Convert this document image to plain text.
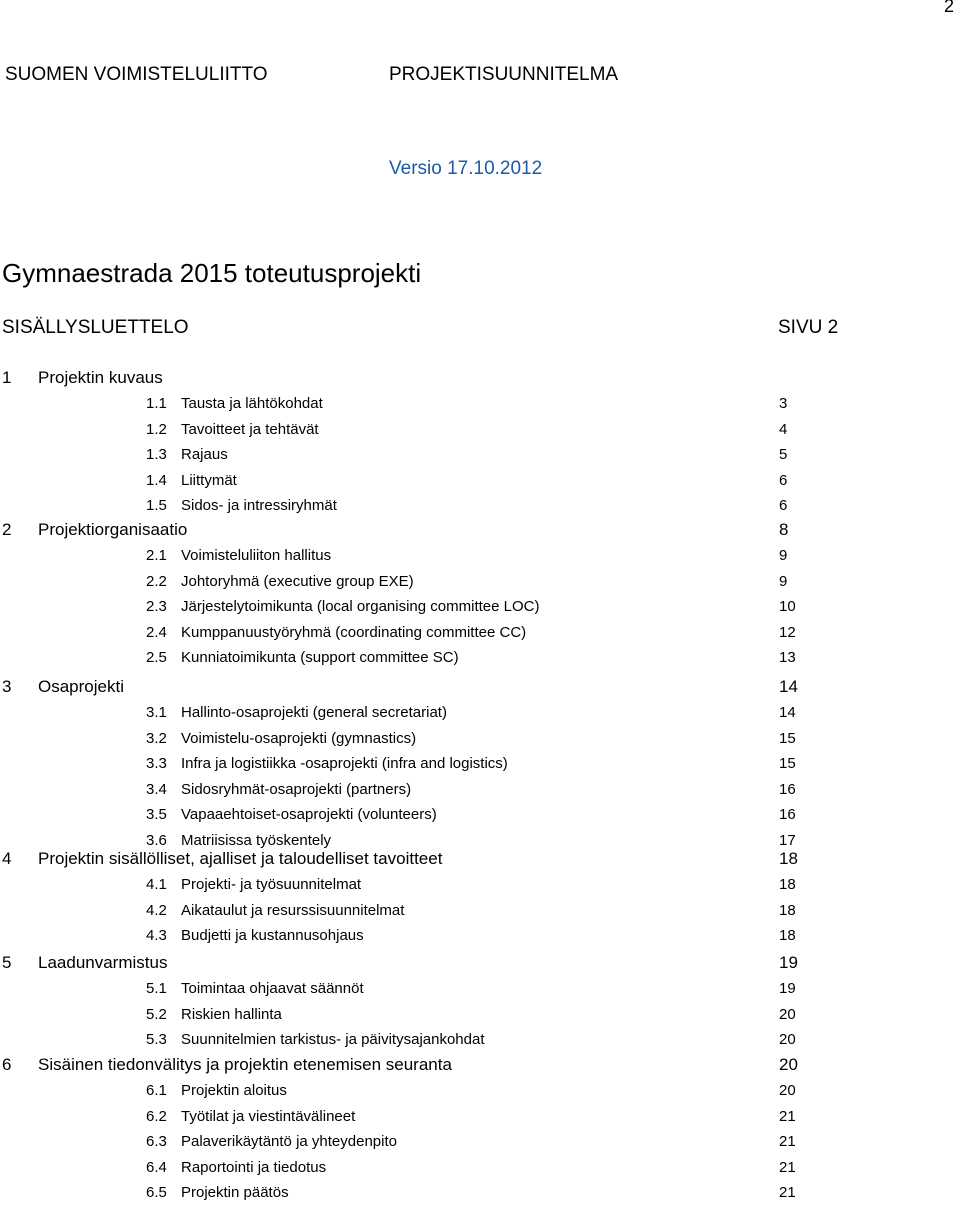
2
SUOMEN VOIMISTELULIITTO	PROJEKTISUUNNITELMA
Versio 17.10.2012
Gymnaestrada 2015 toteutusprojekti
SISÄLLYSLUETTELO	SIVU 2
1 Projektin kuvaus
1.1 Tausta ja lähtökohdat	3
1.2 Tavoitteet ja tehtävät	4
1.3 Rajaus	5
1.4 Liittymät	6
1.5 Sidos- ja intressiryhmät	6
2 Projektiorganisaatio	8
2.1 Voimisteluliiton hallitus	9
2.2 Johtoryhmä (executive group EXE)	9
2.3 Järjestelytoimikunta (local organising committee LOC)	10
2.4 Kumppanuustyöryhmä (coordinating committee CC)	12
2.5 Kunniatoimikunta (support committee SC)	13
3 Osaprojekti	14
3.1 Hallinto-osaprojekti (general secretariat)	14
3.2 Voimistelu-osaprojekti (gymnastics)	15
3.3 Infra ja logistiikka -osaprojekti (infra and logistics)	15
3.4 Sidosryhmät-osaprojekti (partners)	16
3.5 Vapaaehtoiset-osaprojekti (volunteers)	16
3.6 Matriisissa työskentely	17
4 Projektin sisällölliset, ajalliset ja taloudelliset tavoitteet	18
4.1 Projekti- ja työsuunnitelmat	18
4.2 Aikataulut ja resurssisuunnitelmat	18
4.3 Budjetti ja kustannusohjaus	18
5 Laadunvarmistus	19
5.1 Toimintaa ohjaavat säännöt	19
5.2 Riskien hallinta	20
5.3 Suunnitelmien tarkistus- ja päivitysajankohdat	20
6 Sisäinen tiedonvälitys ja projektin etenemisen seuranta	20
6.1 Projektin aloitus	20
6.2 Työtilat ja viestintävälineet	21
6.3 Palaverikäytäntö ja yhteydenpito	21
6.4 Raportointi ja tiedotus	21
6.5 Projektin päätös	21
